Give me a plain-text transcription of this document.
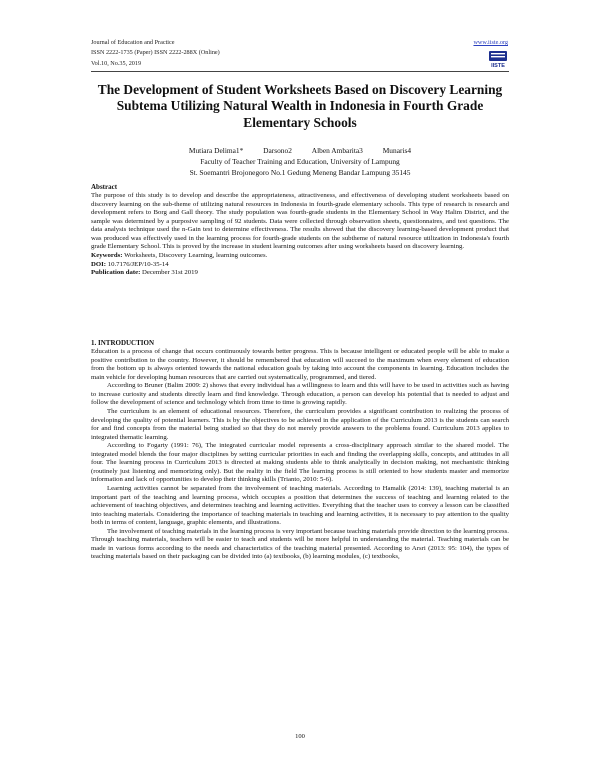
Journal of Education and Practice
ISSN 2222-1735 (Paper) ISSN 2222-288X (Online)
Vol.10, No.35, 2019
www.iiste.org
IISTE
The Development of Student Worksheets Based on Discovery Learning Subtema Utilizing Natural Wealth in Indonesia in Fourth Grade Elementary Schools
Mutiara Delima1*	Darsono2	Alben Ambarita3	Munaris4
Faculty of Teacher Training and Education, University of Lampung
St. Soemantri Brojonegoro No.1 Gedung Meneng Bandar Lampung 35145

Abstract

The purpose of this study is to develop and describe the appropriateness, attractiveness, and effectiveness of developing student worksheets based on discovery learning on the sub-theme of utilizing natural resources in Indonesia in fourth-grade elementary schools. This type of research is research and development refers to Borg and Gall theory. The study population was fourth-grade students in the Elementary School in Way Halim District, and the sample was determined by a purposive sampling of 92 students. Data were collected through observation sheets, questionnaires, and test questions. The data analysis technique used the n-Gain test to determine effectiveness. The results showed that the discovery learning-based development product that was produced was effectively used in the learning process for fourth-grade students on the subtheme of natural resource utilization in Indonesia's fourth grade Elementary School. This is proved by the increase in student learning outcomes after using worksheets based on discovery learning.

Keywords: Worksheets, Discovery Learning, learning outcomes.

DOI: 10.7176/JEP/10-35-14

Publication date: December 31st 2019

1. INTRODUCTION

Education is a process of change that occurs continuously towards better progress. This is because intelligent or educated people will be able to make a positive contribution to the country. However, it should be remembered that education will succeed to the maximum when every element of education from the bottom up is always oriented towards the national education goals by taking into account the components in learning. Education includes the main vehicle for developing human resources that are carried out systematically, programmed, and tiered.

According to Bruner (Balim 2009: 2) shows that every individual has a willingness to learn and this will have to be used in activities such as having to increase curiosity and students directly learn and find knowledge. Through education, a person can develop his potential that is needed to adjust and follow the development of science and technology which from time to time is growing rapidly.

The curriculum is an element of educational resources. Therefore, the curriculum provides a significant contribution to realizing the process of developing the quality of potential learners. This is by the objectives to be achieved in the application of the Curriculum 2013 is the students can search for and find concepts from the material being studied so that they do not merely provide answers to the problems found. Curriculum 2013 applies to integrated thematic learning.

According to Fogarty (1991: 76), The integrated curricular model represents a cross-disciplinary approach similar to the shared model. The integrated model blends the four major disciplines by setting curricular priorities in each and finding the overlapping skills, concepts, and attitudes in all four. The learning process in Curriculum 2013 is directed at making students able to think analytically in decision making, not mechanistic thinking (routinely just listening and memorizing only). But the reality in the field The learning process is still oriented to how students master and memorize information and lack of opportunities to develop their thinking skills (Trianto, 2010: 5-6).

Learning activities cannot be separated from the involvement of teaching materials. According to Hamalik (2014: 139), teaching material is an important part of the teaching and learning process, which occupies a position that determines the success of teaching and learning related to the achievement of teaching objectives, and determines teaching and learning activities. Everything that the teacher uses to convey a lesson can be classified into teaching materials. Considering the importance of teaching materials in teaching and learning activities, it is necessary to pay attention to the quality both in terms of content, language, graphic elements, and illustrations.

The involvement of teaching materials in the learning process is very important because teaching materials provide direction to the learning process. Through teaching materials, teachers will be easier to teach and students will be more helpful in understanding the material. Teaching materials can be made in various forms according to the needs and characteristics of the teaching material presented. According to Arsri (2013: 95: 104), the types of teaching materials based on their packaging can be divided into (a) textbooks, (b) learning modules, (c) textbooks,

100
